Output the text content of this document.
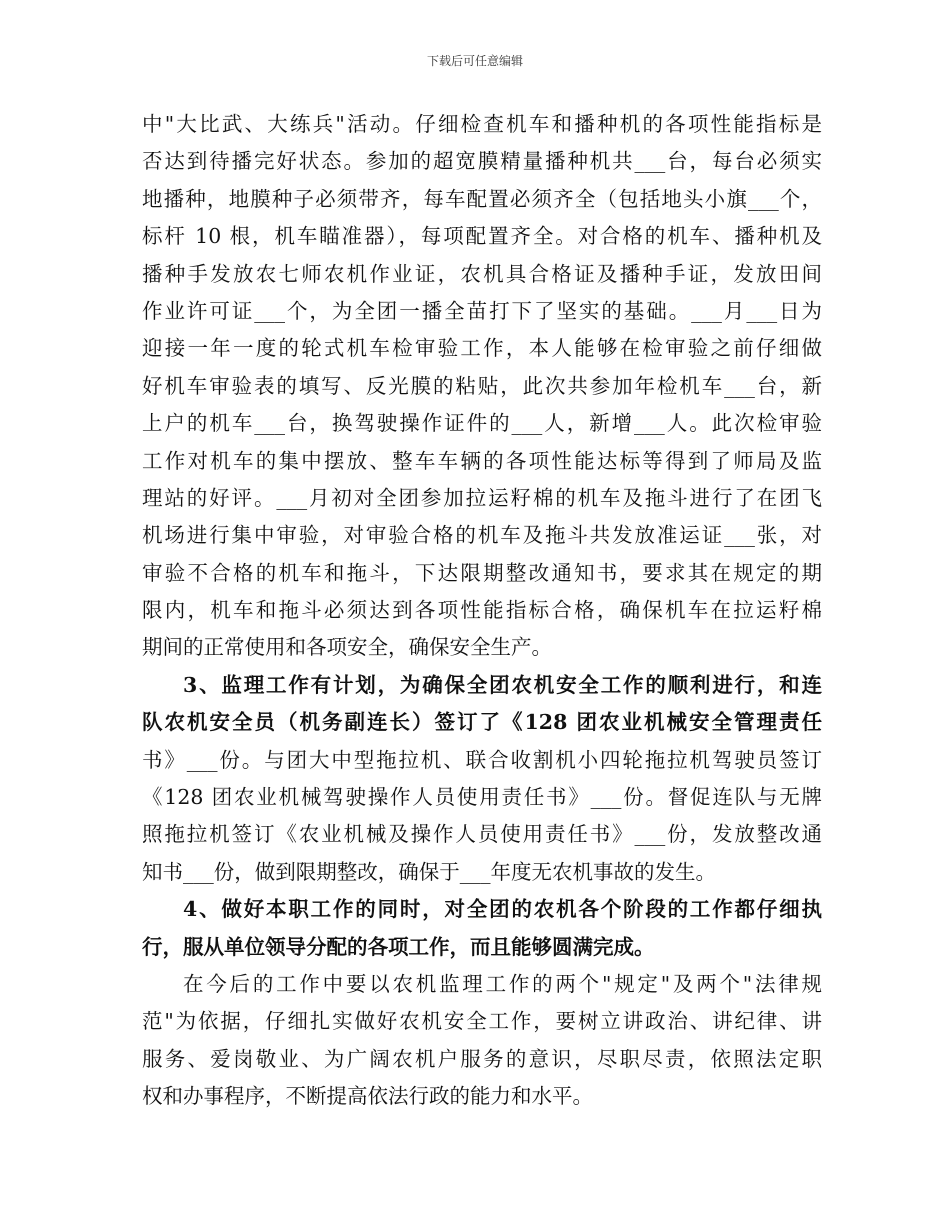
下载后可任意编辑
中"大比武、大练兵"活动。仔细检查机车和播种机的各项性能指标是
否达到待播完好状态。参加的超宽膜精量播种机共___台，每台必须实
地播种，地膜种子必须带齐，每车配置必须齐全（包括地头小旗___个，
标杆 10 根，机车瞄准器），每项配置齐全。对合格的机车、播种机及
播种手发放农七师农机作业证，农机具合格证及播种手证，发放田间
作业许可证___个，为全团一播全苗打下了坚实的基础。___月___日为
迎接一年一度的轮式机车检审验工作，本人能够在检审验之前仔细做
好机车审验表的填写、反光膜的粘贴，此次共参加年检机车___台，新
上户的机车___台，换驾驶操作证件的___人，新增___人。此次检审验
工作对机车的集中摆放、整车车辆的各项性能达标等得到了师局及监
理站的好评。___月初对全团参加拉运籽棉的机车及拖斗进行了在团飞
机场进行集中审验，对审验合格的机车及拖斗共发放准运证___张，对
审验不合格的机车和拖斗，下达限期整改通知书，要求其在规定的期
限内，机车和拖斗必须达到各项性能指标合格，确保机车在拉运籽棉
期间的正常使用和各项安全，确保安全生产。
3、监理工作有计划，为确保全团农机安全工作的顺利进行，和连
队农机安全员（机务副连长）签订了《128 团农业机械安全管理责任
书》___份。与团大中型拖拉机、联合收割机小四轮拖拉机驾驶员签订
《128 团农业机械驾驶操作人员使用责任书》___份。督促连队与无牌
照拖拉机签订《农业机械及操作人员使用责任书》___份，发放整改通
知书___份，做到限期整改，确保于___年度无农机事故的发生。
4、做好本职工作的同时，对全团的农机各个阶段的工作都仔细执
行，服从单位领导分配的各项工作，而且能够圆满完成。
在今后的工作中要以农机监理工作的两个"规定"及两个"法律规
范"为依据，仔细扎实做好农机安全工作，要树立讲政治、讲纪律、讲
服务、爱岗敬业、为广阔农机户服务的意识，尽职尽责，依照法定职
权和办事程序，不断提高依法行政的能力和水平。
